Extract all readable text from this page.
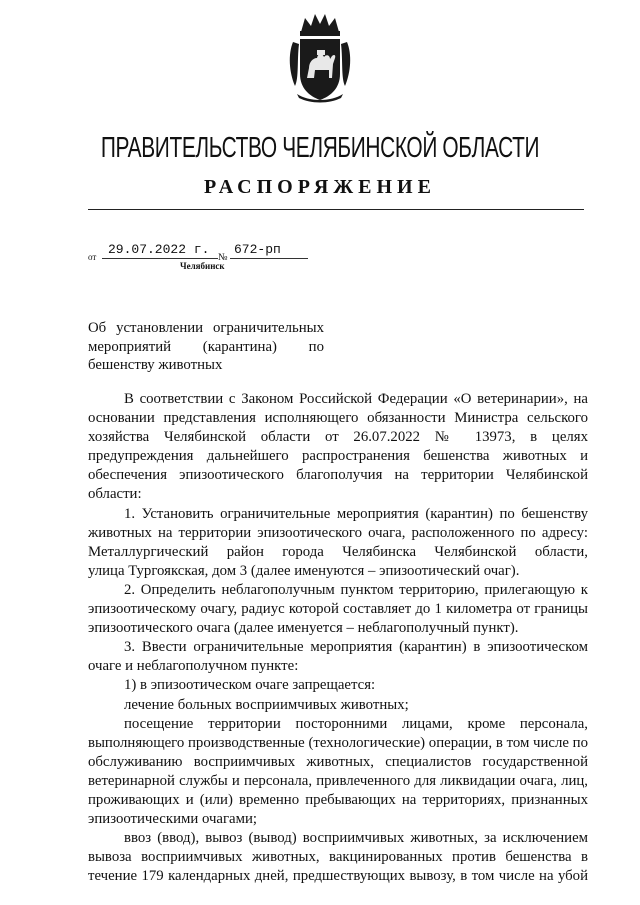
ПРАВИТЕЛЬСТВО ЧЕЛЯБИНСКОЙ ОБЛАСТИ
РАСПОРЯЖЕНИЕ
от 29.07.2022 г.
№
672-рп
Челябинск
Об установлении ограничительных
мероприятий (карантина) по
бешенству животных
В соответствии с Законом Российской Федерации «О ветеринарии», на
основании представления исполняющего обязанности Министра сельского
хозяйства Челябинской области от 26.07.2022 № 13973, в целях
предупреждения дальнейшего распространения бешенства животных и
обеспечения эпизоотического благополучия на территории Челябинской
области:
1. Установить ограничительные мероприятия (карантин) по бешенству
животных на территории эпизоотического очага, расположенного по адресу:
Металлургический район города Челябинска Челябинской области,
улица Тургоякская, дом 3 (далее именуются – эпизоотический очаг).
2. Определить неблагополучным пунктом территорию, прилегающую к
эпизоотическому очагу, радиус которой составляет до 1 километра от границы
эпизоотического очага (далее именуется – неблагополучный пункт).
3. Ввести ограничительные мероприятия (карантин) в эпизоотическом
очаге и неблагополучном пункте:
1) в эпизоотическом очаге запрещается:
лечение больных восприимчивых животных;
посещение территории посторонними лицами, кроме персонала,
выполняющего производственные (технологические) операции, в том числе по
обслуживанию восприимчивых животных, специалистов государственной
ветеринарной службы и персонала, привлеченного для ликвидации очага, лиц,
проживающих и (или) временно пребывающих на территориях, признанных
эпизоотическими очагами;
ввоз (ввод), вывоз (вывод) восприимчивых животных, за исключением
вывоза восприимчивых животных, вакцинированных против бешенства в
течение 179 календарных дней, предшествующих вывозу, в том числе на убой
